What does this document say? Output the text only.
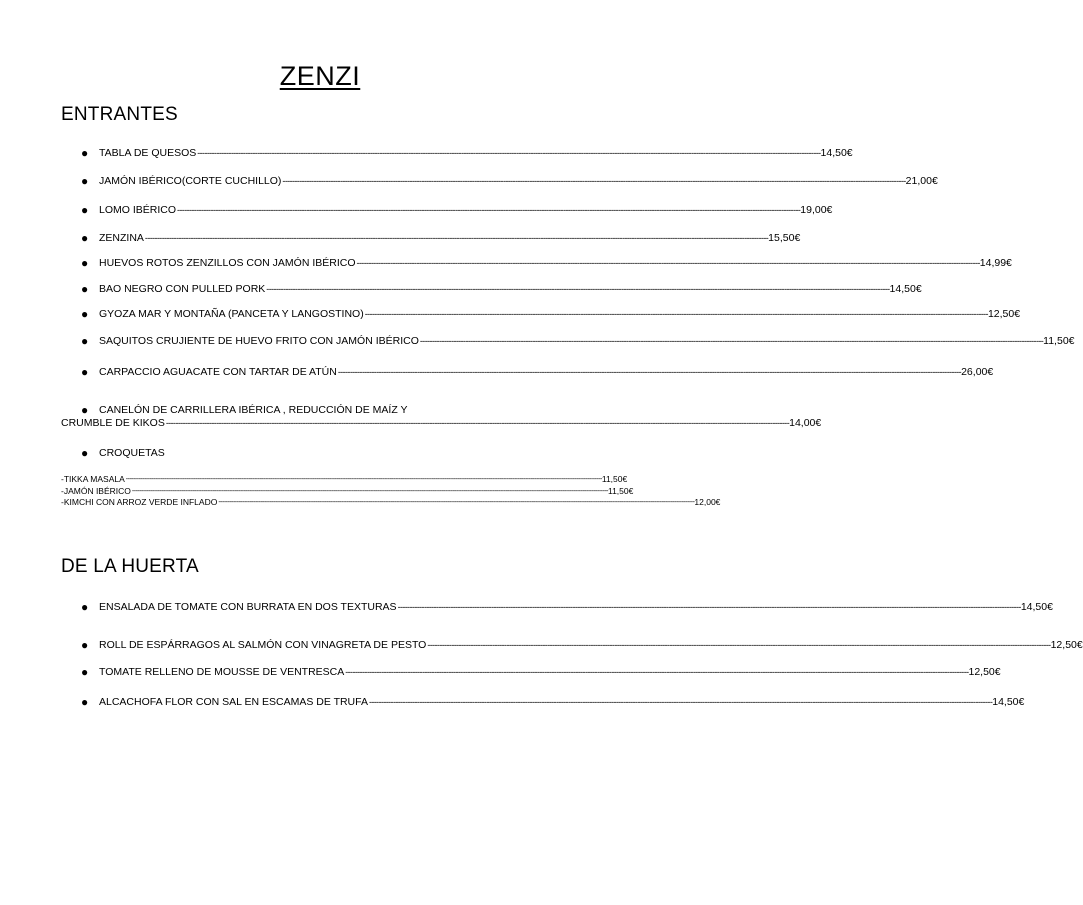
ZENZI
ENTRANTES
●	TABLA DE QUESOS -------------------------------------------------------------------------------------------------------------------------------------------------------------------------------------------------------------------------------------------------------------------- 14,50€
●	JAMÓN IBÉRICO(CORTE CUCHILLO) -------------------------------------------------------------------------------------------------------------------------------------------------------------------------------------------------------------------------------------------------------------------- 21,00€
●	LOMO IBÉRICO -------------------------------------------------------------------------------------------------------------------------------------------------------------------------------------------------------------------------------------------------------------------- 19,00€
●	ZENZINA -------------------------------------------------------------------------------------------------------------------------------------------------------------------------------------------------------------------------------------------------------------------- 15,50€
●	HUEVOS ROTOS ZENZILLOS CON JAMÓN IBÉRICO -------------------------------------------------------------------------------------------------------------------------------------------------------------------------------------------------------------------------------------------------------------------- 14,99€
●	BAO NEGRO CON PULLED PORK -------------------------------------------------------------------------------------------------------------------------------------------------------------------------------------------------------------------------------------------------------------------- 14,50€
●	GYOZA MAR Y MONTAÑA (PANCETA Y LANGOSTINO) -------------------------------------------------------------------------------------------------------------------------------------------------------------------------------------------------------------------------------------------------------------------- 12,50€
●	SAQUITOS CRUJIENTE DE HUEVO FRITO CON JAMÓN IBÉRICO -------------------------------------------------------------------------------------------------------------------------------------------------------------------------------------------------------------------------------------------------------------------- 11,50€
●	CARPACCIO AGUACATE CON TARTAR DE ATÚN -------------------------------------------------------------------------------------------------------------------------------------------------------------------------------------------------------------------------------------------------------------------- 26,00€
●	CANELÓN DE CARRILLERA IBÉRICA , REDUCCIÓN DE MAÍZ Y
CRUMBLE DE KIKOS -------------------------------------------------------------------------------------------------------------------------------------------------------------------------------------------------------------------------------------------------------------------- 14,00€
●	CROQUETAS
-TIKKA MASALA -------------------------------------------------------------------------------------------------------------------------------------------------------------------------------------------------------------------------------------------------------------------- 11,50€
-JAMÓN IBÉRICO -------------------------------------------------------------------------------------------------------------------------------------------------------------------------------------------------------------------------------------------------------------------- 11,50€
-KIMCHI CON ARROZ VERDE INFLADO -------------------------------------------------------------------------------------------------------------------------------------------------------------------------------------------------------------------------------------------------------------------- 12,00€
DE LA HUERTA
●	ENSALADA DE TOMATE CON BURRATA EN DOS TEXTURAS -------------------------------------------------------------------------------------------------------------------------------------------------------------------------------------------------------------------------------------------------------------------- 14,50€
●	ROLL DE ESPÁRRAGOS AL SALMÓN CON VINAGRETA DE PESTO -------------------------------------------------------------------------------------------------------------------------------------------------------------------------------------------------------------------------------------------------------------------- 12,50€
●	TOMATE RELLENO DE MOUSSE DE VENTRESCA -------------------------------------------------------------------------------------------------------------------------------------------------------------------------------------------------------------------------------------------------------------------- 12,50€
●	ALCACHOFA FLOR CON SAL EN ESCAMAS DE TRUFA -------------------------------------------------------------------------------------------------------------------------------------------------------------------------------------------------------------------------------------------------------------------- 14,50€
